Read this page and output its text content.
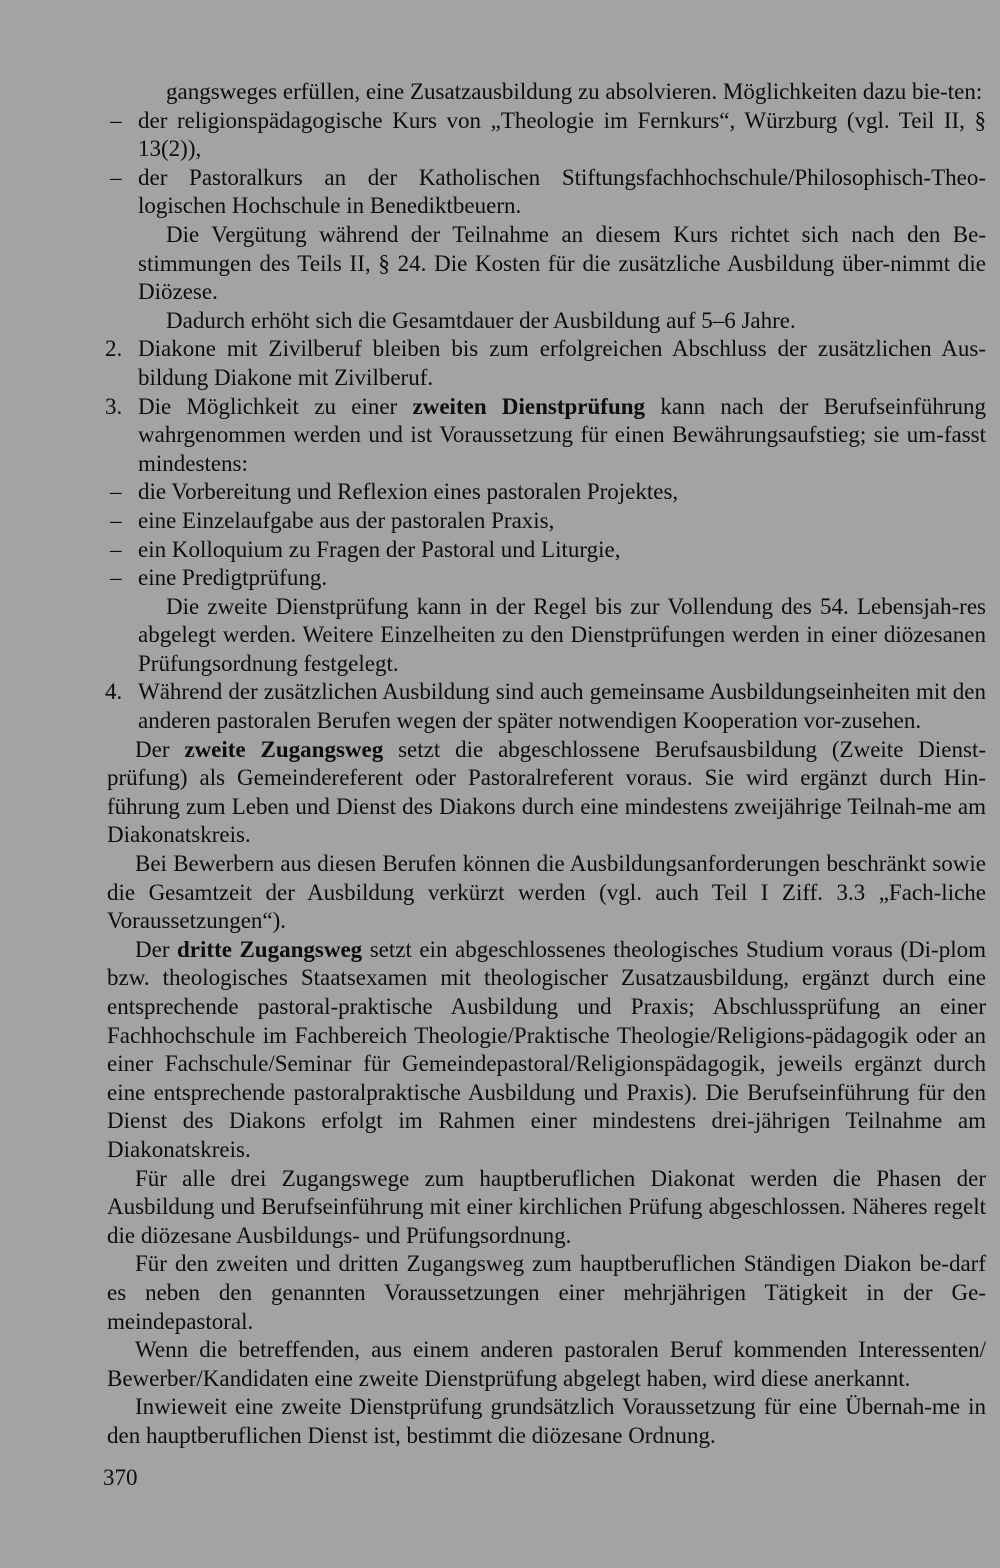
gangsweges erfüllen, eine Zusatzausbildung zu absolvieren. Möglichkeiten dazu bie-ten:
– der religionspädagogische Kurs von „Theologie im Fernkurs“, Würzburg (vgl. Teil II, § 13(2)),
– der Pastoralkurs an der Katholischen Stiftungsfachhochschule/Philosophisch-Theo-logischen Hochschule in Benediktbeuern.
Die Vergütung während der Teilnahme an diesem Kurs richtet sich nach den Be-stimmungen des Teils II, § 24. Die Kosten für die zusätzliche Ausbildung über-nimmt die Diözese.
Dadurch erhöht sich die Gesamtdauer der Ausbildung auf 5–6 Jahre.
2. Diakone mit Zivilberuf bleiben bis zum erfolgreichen Abschluss der zusätzlichen Aus-bildung Diakone mit Zivilberuf.
3. Die Möglichkeit zu einer zweiten Dienstprüfung kann nach der Berufseinführung wahrgenommen werden und ist Voraussetzung für einen Bewährungsaufstieg; sie um-fasst mindestens:
– die Vorbereitung und Reflexion eines pastoralen Projektes,
– eine Einzelaufgabe aus der pastoralen Praxis,
– ein Kolloquium zu Fragen der Pastoral und Liturgie,
– eine Predigtprüfung.
Die zweite Dienstprüfung kann in der Regel bis zur Vollendung des 54. Lebensjah-res abgelegt werden. Weitere Einzelheiten zu den Dienstprüfungen werden in einer diözesanen Prüfungsordnung festgelegt.
4. Während der zusätzlichen Ausbildung sind auch gemeinsame Ausbildungseinheiten mit den anderen pastoralen Berufen wegen der später notwendigen Kooperation vor-zusehen.
Der zweite Zugangsweg setzt die abgeschlossene Berufsausbildung (Zweite Dienst-prüfung) als Gemeindereferent oder Pastoralreferent voraus. Sie wird ergänzt durch Hin-führung zum Leben und Dienst des Diakons durch eine mindestens zweijährige Teilnah-me am Diakonatskreis.
Bei Bewerbern aus diesen Berufen können die Ausbildungsanforderungen beschränkt sowie die Gesamtzeit der Ausbildung verkürzt werden (vgl. auch Teil I Ziff. 3.3 „Fach-liche Voraussetzungen“).
Der dritte Zugangsweg setzt ein abgeschlossenes theologisches Studium voraus (Di-plom bzw. theologisches Staatsexamen mit theologischer Zusatzausbildung, ergänzt durch eine entsprechende pastoral-praktische Ausbildung und Praxis; Abschlussprüfung an einer Fachhochschule im Fachbereich Theologie/Praktische Theologie/Religions-pädagogik oder an einer Fachschule/Seminar für Gemeindepastoral/Religionspädagogik, jeweils ergänzt durch eine entsprechende pastoralpraktische Ausbildung und Praxis). Die Berufseinführung für den Dienst des Diakons erfolgt im Rahmen einer mindestens drei-jährigen Teilnahme am Diakonatskreis.
Für alle drei Zugangswege zum hauptberuflichen Diakonat werden die Phasen der Ausbildung und Berufseinführung mit einer kirchlichen Prüfung abgeschlossen. Näheres regelt die diözesane Ausbildungs- und Prüfungsordnung.
Für den zweiten und dritten Zugangsweg zum hauptberuflichen Ständigen Diakon be-darf es neben den genannten Voraussetzungen einer mehrjährigen Tätigkeit in der Ge-meindepastoral.
Wenn die betreffenden, aus einem anderen pastoralen Beruf kommenden Interessenten/ Bewerber/Kandidaten eine zweite Dienstprüfung abgelegt haben, wird diese anerkannt.
Inwieweit eine zweite Dienstprüfung grundsätzlich Voraussetzung für eine Übernah-me in den hauptberuflichen Dienst ist, bestimmt die diözesane Ordnung.
370
